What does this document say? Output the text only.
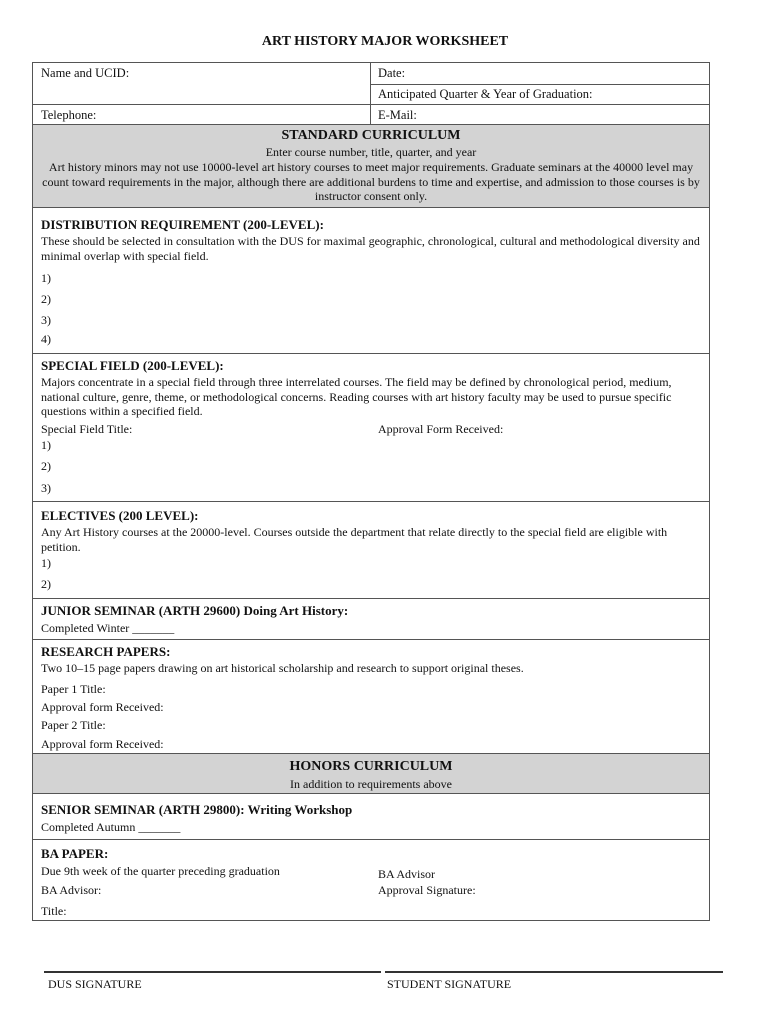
ART HISTORY MAJOR WORKSHEET
Name and UCID:	Date:
Anticipated Quarter & Year of Graduation:
Telephone:	E-Mail:
STANDARD CURRICULUM
Enter course number, title, quarter, and year
Art history minors may not use 10000-level art history courses to meet major requirements. Graduate seminars at the 40000 level may count toward requirements in the major, although there are additional burdens to time and expertise, and admission to those courses is by instructor consent only.
DISTRIBUTION REQUIREMENT (200-LEVEL):
These should be selected in consultation with the DUS for maximal geographic, chronological, cultural and methodological diversity and minimal overlap with special field.
1)
2)
3)
4)
SPECIAL FIELD (200-LEVEL):
Majors concentrate in a special field through three interrelated courses. The field may be defined by chronological period, medium, national culture, genre, theme, or methodological concerns. Reading courses with art history faculty may be used to pursue specific questions within a specified field.
Special Field Title:	Approval Form Received:
1)
2)
3)
ELECTIVES (200 LEVEL):
Any Art History courses at the 20000-level. Courses outside the department that relate directly to the special field are eligible with petition.
1)
2)
JUNIOR SEMINAR (ARTH 29600) Doing Art History:
Completed Winter _______
RESEARCH PAPERS:
Two 10–15 page papers drawing on art historical scholarship and research to support original theses.
Paper 1 Title:
Approval form Received:
Paper 2 Title:
Approval form Received:
HONORS CURRICULUM
In addition to requirements above
SENIOR SEMINAR (ARTH 29800): Writing Workshop
Completed Autumn _______
BA PAPER:
Due 9th week of the quarter preceding graduation
BA Advisor:
Title:
BA Advisor
Approval Signature:
DUS SIGNATURE	STUDENT SIGNATURE
